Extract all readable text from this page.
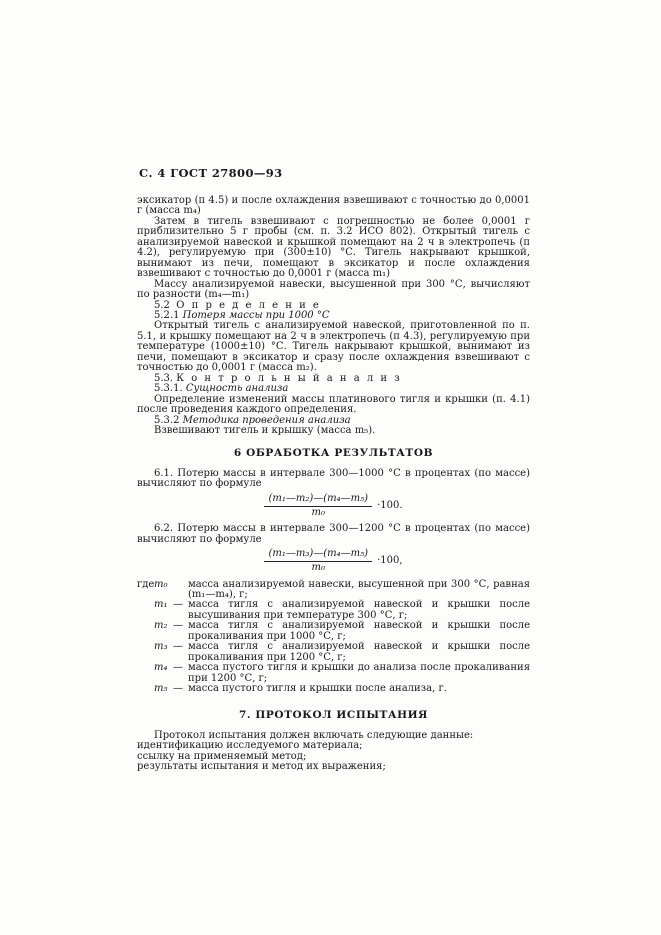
С. 4 ГОСТ 27800—93

эксикатор (п 4.5) и после охлаждения взвешивают с точностью до 0,0001 г (масса m₄)

Затем в тигель взвешивают с погрешностью не более 0,0001 г приблизительно 5 г пробы (см. п. 3.2 ИСО 802). Открытый тигель с анализируемой навеской и крышкой помещают на 2 ч в электропечь (п 4.2), регулируемую при (300±10) °С. Тигель накрывают крышкой, вынимают из печи, помещают в эксикатор и после охлаждения взвешивают с точностью до 0,0001 г (масса m₁)

Массу анализируемой навески, высушенной при 300 °С, вычисляют по разности (m₄—m₁)

5.2 О п р е д е л е н и е

5.2.1 Потеря массы при 1000 °С

Открытый тигель с анализируемой навеской, приготовленной по п. 5.1, и крышку помещают на 2 ч в электропечь (п 4.3), регулируемую при температуре (1000±10) °С. Тигель накрывают крышкой, вынимают из печи, помещают в эксикатор и сразу после охлаждения взвешивают с точностью до 0,0001 г (масса m₂).

5.3. К о н т р о л ь н ы й а н а л и з

5.3.1. Сущность анализа

Определение изменений массы платинового тигля и крышки (п. 4.1) после проведения каждого определения.

5.3.2 Методика проведения анализа

Взвешивают тигель и крышку (масса m₅).

6 ОБРАБОТКА РЕЗУЛЬТАТОВ

6.1. Потерю массы в интервале 300—1000 °С в процентах (по массе) вычисляют по формуле

$\frac{\text{(m₁—m₂)—(m₄—m₅)}}{\text{m₀}} \cdot 100$.

6.2. Потерю массы в интервале 300—1200 °С в процентах (по массе) вычисляют по формуле

$\frac{\text{(m₁—m₃)—(m₄—m₅)}}{\text{m₀}} \cdot 100$,
где m₀	масса анализируемой навески, высушенной при 300 °С, равная (m₁—m₄), г;
m₁ — масса тигля с анализируемой навеской и крышки после высушивания при температуре 300 °С, г;
m₂ — масса тигля с анализируемой навеской и крышки после прокаливания при 1000 °С, г;
m₃ — масса тигля с анализируемой навеской и крышки после прокаливания при 1200 °С, г;
m₄ — масса пустого тигля и крышки до анализа после прокаливания при 1200 °С, г;
m₅ — масса пустого тигля и крышки после анализа, г.

7. ПРОТОКОЛ ИСПЫТАНИЯ

Протокол испытания должен включать следующие данные:

идентификацию исследуемого материала;

ссылку на применяемый метод;

результаты испытания и метод их выражения;
